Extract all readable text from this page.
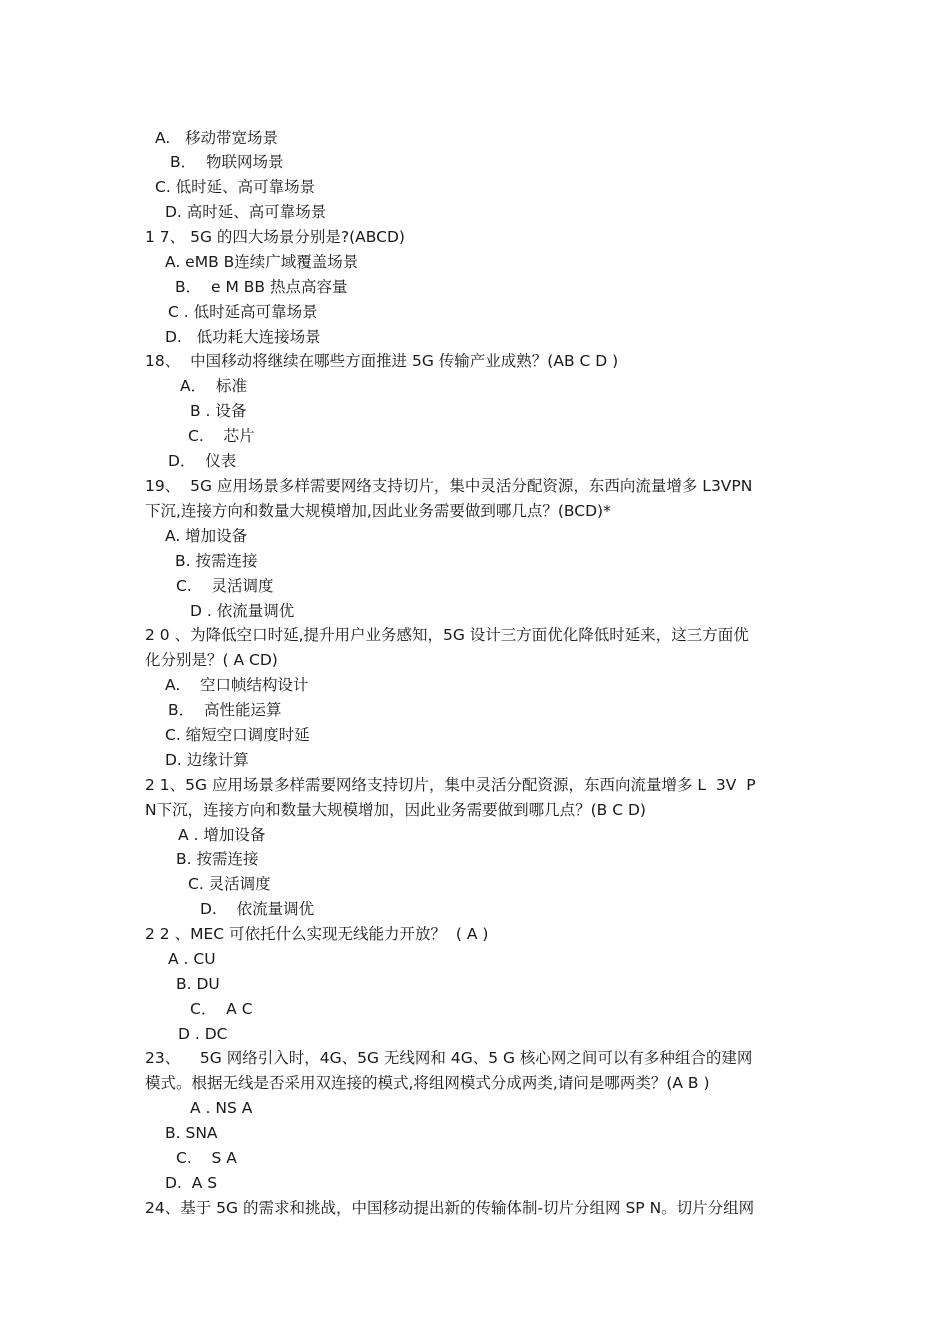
A.   移动带宽场景
B．  物联网场景
C. 低时延、高可靠场景
D. 高时延、高可靠场景
1 7、 5G 的四大场景分别是?(ABCD)
A. eMB B连续广域覆盖场景
B．  e M BB 热点高容量
C . 低时延高可靠场景
D.   低功耗大连接场景
18、  中国移动将继续在哪些方面推进 5G 传输产业成熟？(AB C D )
A．  标准
B . 设备
C.    芯片
D．  仪表
19、  5G 应用场景多样需要网络支持切片，集中灵活分配资源，东西向流量增多 L3VPN
下沉,连接方向和数量大规模增加,因此业务需要做到哪几点？(BCD)*
A. 增加设备
B. 按需连接
C.    灵活调度
D . 依流量调优
2 0 、为降低空口时延,提升用户业务感知，5G 设计三方面优化降低时延来，这三方面优
化分别是？( A CD)
A.    空口帧结构设计
B．  高性能运算
C. 缩短空口调度时延
D. 边缘计算
2 1、5G 应用场景多样需要网络支持切片，集中灵活分配资源，东西向流量增多 L  3V  P
N下沉，连接方向和数量大规模增加，因此业务需要做到哪几点？(B C D)
A . 增加设备
B. 按需连接
C. 灵活调度
D.    依流量调优
2 2 、MEC 可依托什么实现无线能力开放？  ( A )
A . CU
B. DU
C．  A C
D . DC
23、    5G 网络引入时，4G、5G 无线网和 4G、5 G 核心网之间可以有多种组合的建网
模式。根据无线是否采用双连接的模式,将组网模式分成两类,请问是哪两类？(A B )
A . NS A
B. SNA
C.    S A
D.  A S
24、基于 5G 的需求和挑战，中国移动提出新的传输体制-切片分组网 SP N。切片分组网
